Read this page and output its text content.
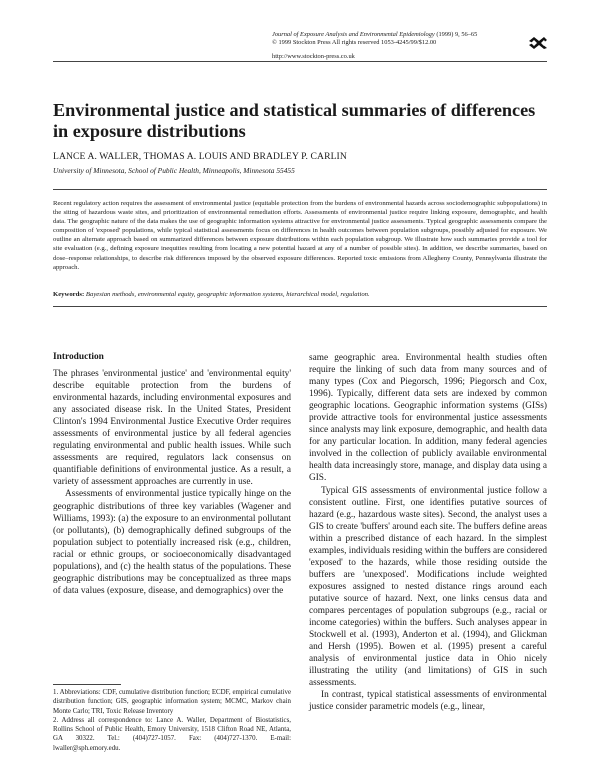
Journal of Exposure Analysis and Environmental Epidemiology (1999) 9, 56–65
© 1999 Stockton Press All rights reserved 1053-4245/99/$12.00
http://www.stockton-press.co.uk
Environmental justice and statistical summaries of differences in exposure distributions
LANCE A. WALLER, THOMAS A. LOUIS AND BRADLEY P. CARLIN
University of Minnesota, School of Public Health, Minneapolis, Minnesota 55455
Recent regulatory action requires the assessment of environmental justice (equitable protection from the burdens of environmental hazards across sociodemographic subpopulations) in the siting of hazardous waste sites, and prioritization of environmental remediation efforts. Assessments of environmental justice require linking exposure, demographic, and health data. The geographic nature of the data makes the use of geographic information systems attractive for environmental justice assessments. Typical geographic assessments compare the composition of 'exposed' populations, while typical statistical assessments focus on differences in health outcomes between population subgroups, possibly adjusted for exposure. We outline an alternate approach based on summarized differences between exposure distributions within each population subgroup. We illustrate how such summaries provide a tool for site evaluation (e.g., defining exposure inequities resulting from locating a new potential hazard at any of a number of possible sites). In addition, we describe summaries, based on dose–response relationships, to describe risk differences imposed by the observed exposure differences. Reported toxic emissions from Allegheny County, Pennsylvania illustrate the approach.
Keywords: Bayesian methods, environmental equity, geographic information systems, hierarchical model, regulation.
Introduction

The phrases 'environmental justice' and 'environmental equity' describe equitable protection from the burdens of environmental hazards, including environmental exposures and any associated disease risk. In the United States, President Clinton's 1994 Environmental Justice Executive Order requires assessments of environmental justice by all federal agencies regulating environmental and public health issues. While such assessments are required, regulators lack consensus on quantifiable definitions of environmental justice. As a result, a variety of assessment approaches are currently in use.

Assessments of environmental justice typically hinge on the geographic distributions of three key variables (Wagener and Williams, 1993): (a) the exposure to an environmental pollutant (or pollutants), (b) demographically defined subgroups of the population subject to potentially increased risk (e.g., children, racial or ethnic groups, or socioeconomically disadvantaged populations), and (c) the health status of the populations. These geographic distributions may be conceptualized as three maps of data values (exposure, disease, and demographics) over the

same geographic area. Environmental health studies often require the linking of such data from many sources and of many types (Cox and Piegorsch, 1996; Piegorsch and Cox, 1996). Typically, different data sets are indexed by common geographic locations. Geographic information systems (GISs) provide attractive tools for environmental justice assessments since analysts may link exposure, demographic, and health data for any particular location. In addition, many federal agencies involved in the collection of publicly available environmental health data increasingly store, manage, and display data using a GIS.

Typical GIS assessments of environmental justice follow a consistent outline. First, one identifies putative sources of hazard (e.g., hazardous waste sites). Second, the analyst uses a GIS to create 'buffers' around each site. The buffers define areas within a prescribed distance of each hazard. In the simplest examples, individuals residing within the buffers are considered 'exposed' to the hazards, while those residing outside the buffers are 'unexposed'. Modifications include weighted exposures assigned to nested distance rings around each putative source of hazard. Next, one links census data and compares percentages of population subgroups (e.g., racial or income categories) within the buffers. Such analyses appear in Stockwell et al. (1993), Anderton et al. (1994), and Glickman and Hersh (1995). Bowen et al. (1995) present a careful analysis of environmental justice data in Ohio nicely illustrating the utility (and limitations) of GIS in such assessments.

In contrast, typical statistical assessments of environmental justice consider parametric models (e.g., linear,

1. Abbreviations: CDF, cumulative distribution function; ECDF, empirical cumulative distribution function; GIS, geographic information system; MCMC, Markov chain Monte Carlo; TRI, Toxic Release Inventory

2. Address all correspondence to: Lance A. Waller, Department of Biostatistics, Rollins School of Public Health, Emory University, 1518 Clifton Road NE, Atlanta, GA 30322. Tel.: (404)727-1057. Fax: (404)727-1370. E-mail: lwaller@sph.emory.edu.
